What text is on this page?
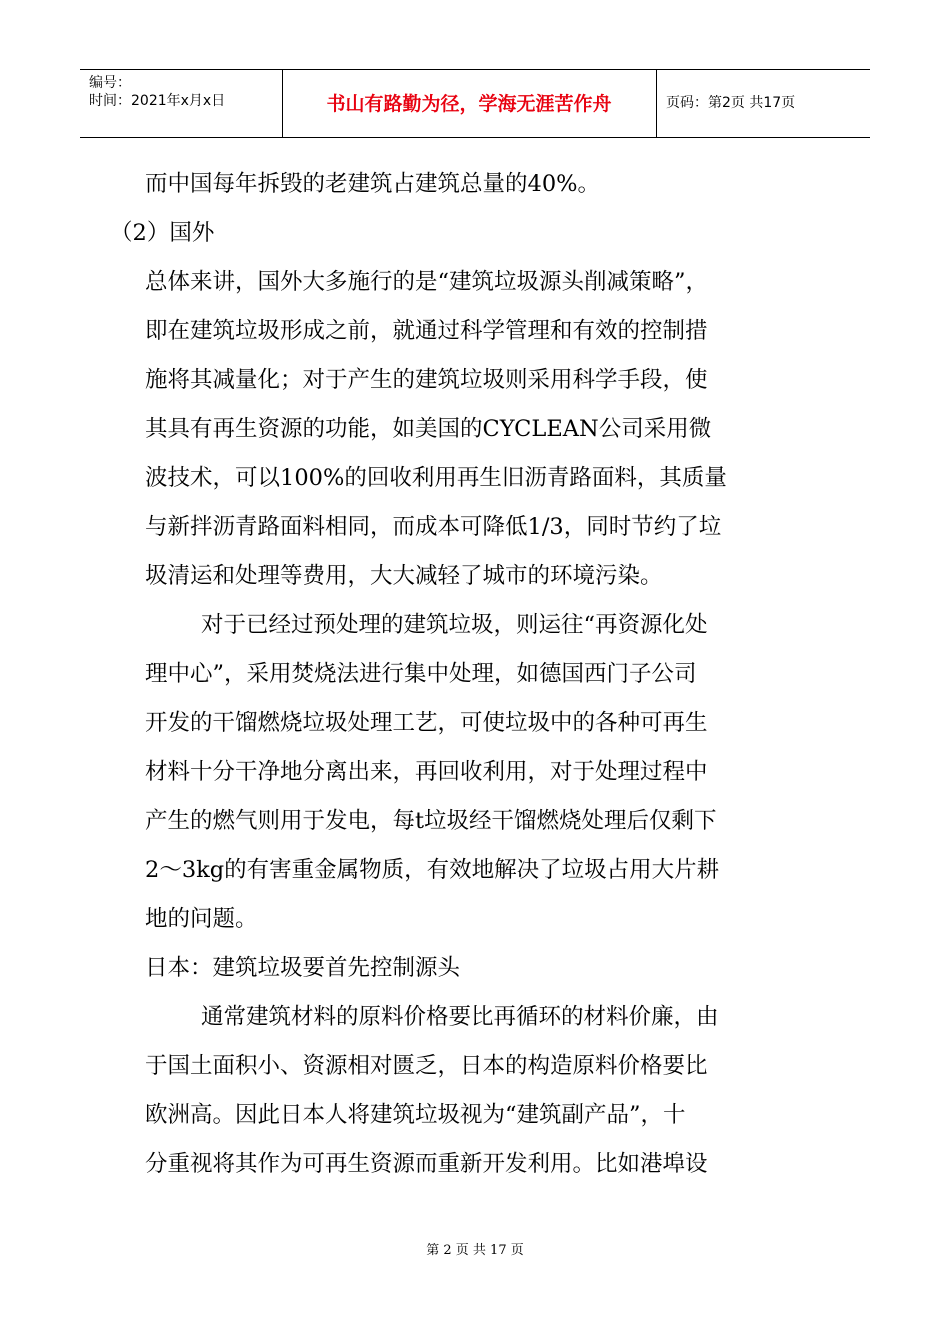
编号：
时间：2021年x月x日	书山有路勤为径，学海无涯苦作舟	页码：第2页 共17页
而中国每年拆毁的老建筑占建筑总量的40%。
（2）国外
总体来讲，国外大多施行的是“建筑垃圾源头削减策略”，
即在建筑垃圾形成之前，就通过科学管理和有效的控制措
施将其减量化；对于产生的建筑垃圾则采用科学手段，使
其具有再生资源的功能，如美国的CYCLEAN公司采用微
波技术，可以100%的回收利用再生旧沥青路面料，其质量
与新拌沥青路面料相同，而成本可降低1/3，同时节约了垃
圾清运和处理等费用，大大减轻了城市的环境污染。
对于已经过预处理的建筑垃圾，则运往“再资源化处
理中心”，采用焚烧法进行集中处理，如德国西门子公司
开发的干馏燃烧垃圾处理工艺，可使垃圾中的各种可再生
材料十分干净地分离出来，再回收利用，对于处理过程中
产生的燃气则用于发电，每t垃圾经干馏燃烧处理后仅剩下
2～3kg的有害重金属物质，有效地解决了垃圾占用大片耕
地的问题。
日本：建筑垃圾要首先控制源头
通常建筑材料的原料价格要比再循环的材料价廉，由
于国土面积小、资源相对匮乏，日本的构造原料价格要比
欧洲高。因此日本人将建筑垃圾视为“建筑副产品”，十
分重视将其作为可再生资源而重新开发利用。比如港埠设
第 2 页 共 17 页
